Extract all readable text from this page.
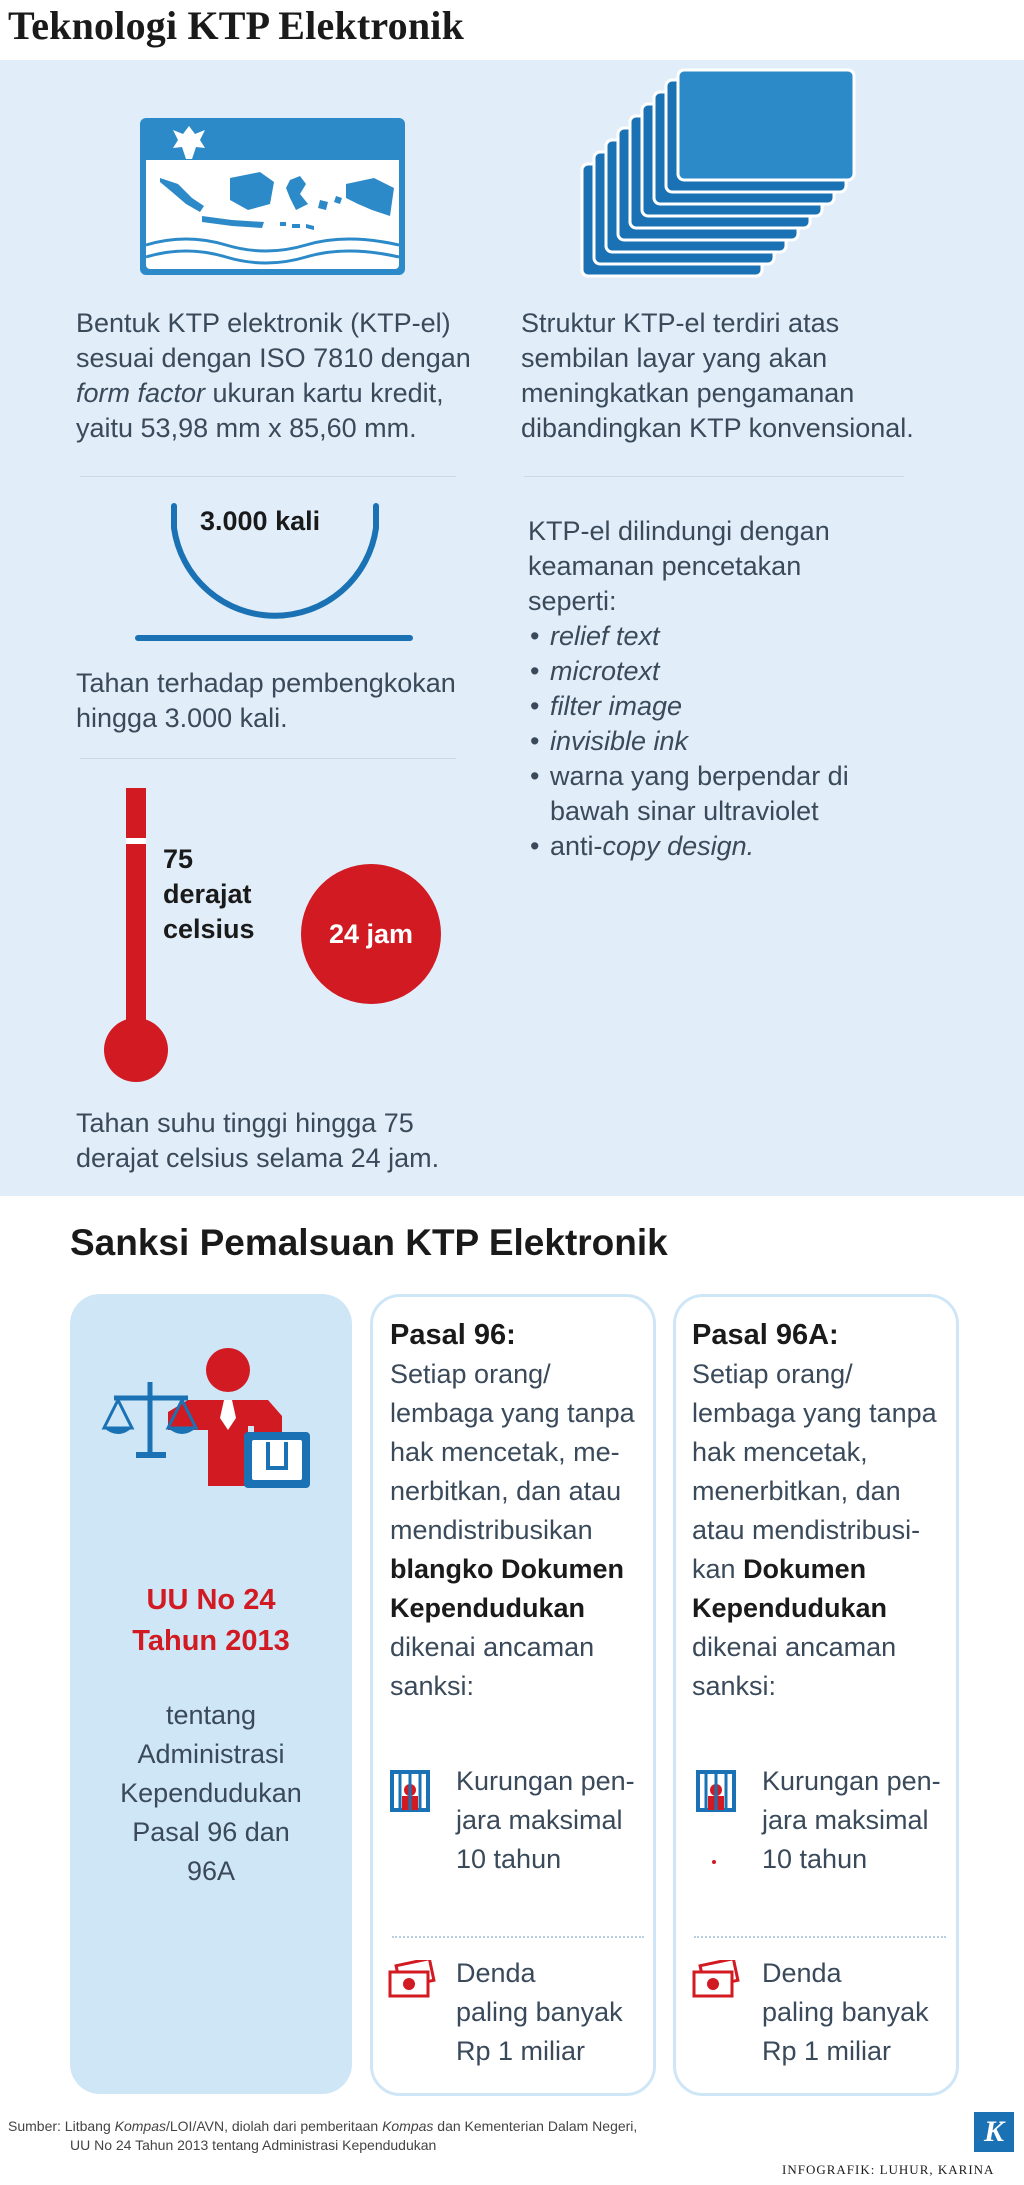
Teknologi KTP Elektronik
Bentuk KTP elektronik (KTP-el)
sesuai dengan ISO 7810 dengan
form factor ukuran kartu kredit,
yaitu 53,98 mm x 85,60 mm.
Struktur KTP-el terdiri atas
sembilan layar yang akan
meningkatkan pengamanan
dibandingkan KTP konvensional.
3.000 kali
Tahan terhadap pembengkokan
hingga 3.000 kali.
KTP-el dilindungi dengan
keamanan pencetakan
seperti:
• relief text
• microtext
• filter image
• invisible ink
• warna yang berpendar di
bawah sinar ultraviolet
• anti-copy design.
75
derajat
celsius	24 jam
Tahan suhu tinggi hingga 75
derajat celsius selama 24 jam.
Sanksi Pemalsuan KTP Elektronik
UU No 24
Tahun 2013
tentang
Administrasi
Kependudukan
Pasal 96 dan
96A
Pasal 96:
Setiap orang/
lembaga yang tanpa
hak mencetak, me-
nerbitkan, dan atau
mendistribusikan
blangko Dokumen
Kependudukan
dikenai ancaman
sanksi:
Kurungan pen-
jara maksimal
10 tahun
Denda
paling banyak
Rp 1 miliar
Pasal 96A:
Setiap orang/
lembaga yang tanpa
hak mencetak,
menerbitkan, dan
atau mendistribusi-
kan Dokumen
Kependudukan
dikenai ancaman
sanksi:
Kurungan pen-
jara maksimal
10 tahun
Denda
paling banyak
Rp 1 miliar
Sumber: Litbang Kompas/LOI/AVN, diolah dari pemberitaan Kompas dan Kementerian Dalam Negeri,
UU No 24 Tahun 2013 tentang Administrasi Kependudukan	K
INFOGRAFIK: LUHUR, KARINA
